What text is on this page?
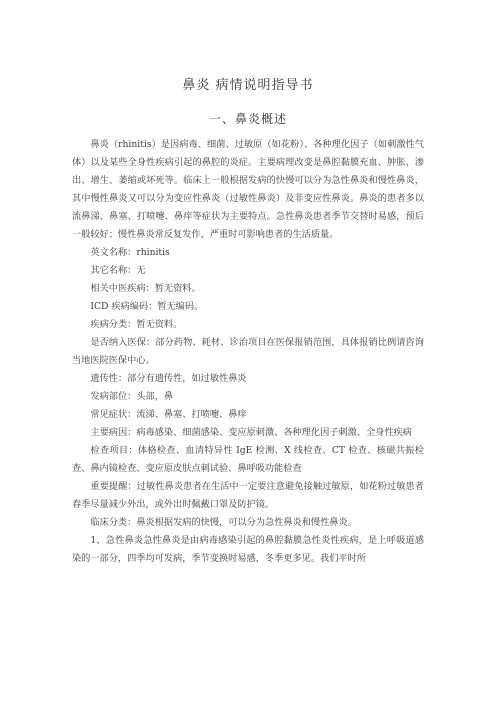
鼻炎 病情说明指导书
一、鼻炎概述

鼻炎（rhinitis）是因病毒、细菌、过敏原（如花粉）、各种理化因子（如刺激性气体）以及某些全身性疾病引起的鼻腔的炎症。主要病理改变是鼻腔黏膜充血、肿胀、渗出、增生、萎缩或坏死等。临床上一般根据发病的快慢可以分为急性鼻炎和慢性鼻炎，其中慢性鼻炎又可以分为变应性鼻炎（过敏性鼻炎）及非变应性鼻炎。鼻炎的患者多以流鼻涕、鼻塞、打喷嚏、鼻痒等症状为主要特点。急性鼻炎患者季节交替时易感，预后一般较好；慢性鼻炎常反复发作，严重时可影响患者的生活质量。

英文名称：rhinitis

其它名称：无

相关中医疾病：暂无资料。

ICD 疾病编码：暂无编码。

疾病分类：暂无资料。

是否纳入医保：部分药物、耗材、诊治项目在医保报销范围，具体报销比例请咨询当地医院医保中心。

遗传性：部分有遗传性，如过敏性鼻炎

发病部位：头部，鼻

常见症状：流涕、鼻塞、打喷嚏、鼻痒

主要病因：病毒感染、细菌感染、变应原刺激、各种理化因子刺激、全身性疾病

检查项目：体格检查、血清特异性 IgE 检测、X 线检查、CT 检查、核磁共振检查、鼻内镜检查、变应原皮肤点刺试验、鼻呼吸功能检查

重要提醒：过敏性鼻炎患者在生活中一定要注意避免接触过敏原，如花粉过敏患者春季尽量减少外出，或外出时佩戴口罩及防护镜。

临床分类：鼻炎根据发病的快慢，可以分为急性鼻炎和慢性鼻炎。

1、急性鼻炎急性鼻炎是由病毒感染引起的鼻腔黏膜急性炎性疾病，是上呼吸道感染的一部分，四季均可发病，季节变换时易感，冬季更多见。我们平时所
